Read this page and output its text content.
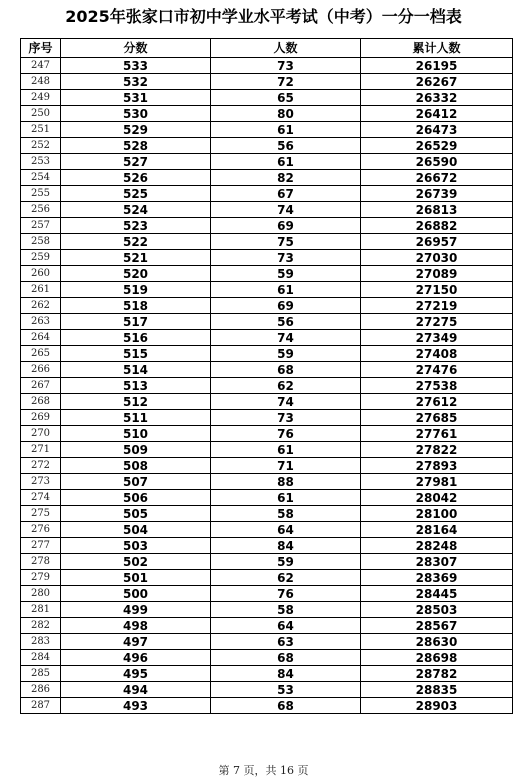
2025年张家口市初中学业水平考试（中考）一分一档表
序号	分数	人数	累计人数
247	533	73	26195
248	532	72	26267
249	531	65	26332
250	530	80	26412
251	529	61	26473
252	528	56	26529
253	527	61	26590
254	526	82	26672
255	525	67	26739
256	524	74	26813
257	523	69	26882
258	522	75	26957
259	521	73	27030
260	520	59	27089
261	519	61	27150
262	518	69	27219
263	517	56	27275
264	516	74	27349
265	515	59	27408
266	514	68	27476
267	513	62	27538
268	512	74	27612
269	511	73	27685
270	510	76	27761
271	509	61	27822
272	508	71	27893
273	507	88	27981
274	506	61	28042
275	505	58	28100
276	504	64	28164
277	503	84	28248
278	502	59	28307
279	501	62	28369
280	500	76	28445
281	499	58	28503
282	498	64	28567
283	497	63	28630
284	496	68	28698
285	495	84	28782
286	494	53	28835
287	493	68	28903
第 7 页，共 16 页
